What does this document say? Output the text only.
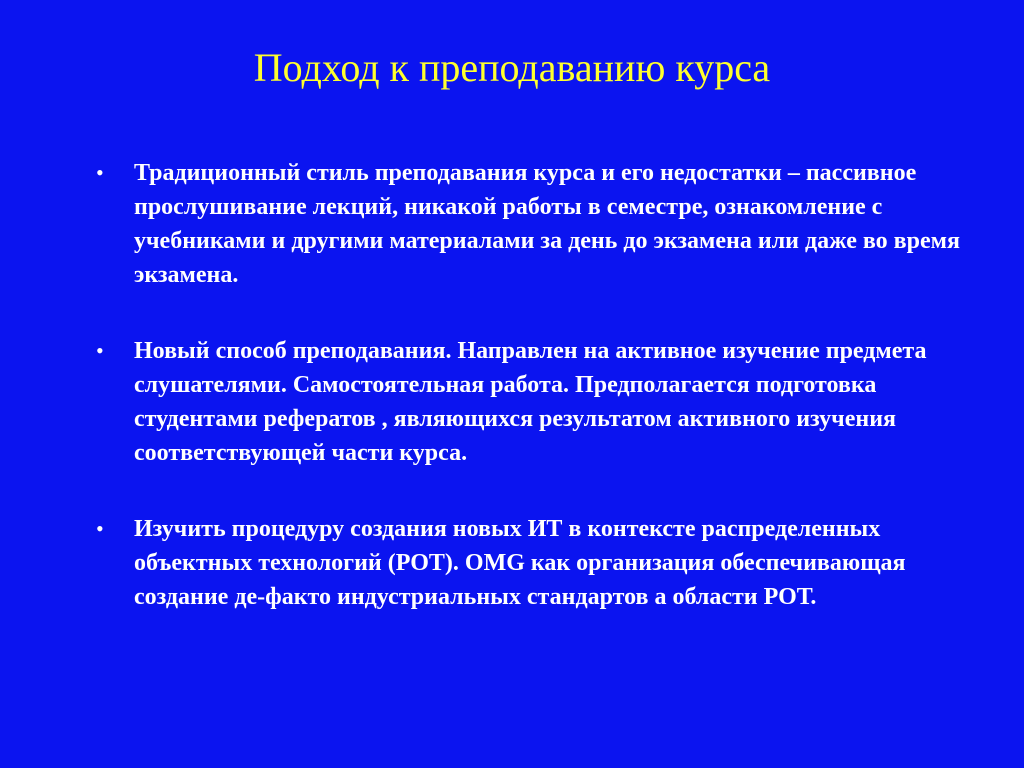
Подход к преподаванию курса
•	Традиционный стиль преподавания курса и его недостатки – пассивное прослушивание лекций, никакой работы в семестре, ознакомление с учебниками и другими материалами за день до экзамена или даже во время экзамена.
•	Новый способ преподавания. Направлен на активное изучение предмета слушателями. Самостоятельная работа. Предполагается подготовка студентами рефератов , являющихся результатом активного изучения соответствующей части курса.
•	Изучить процедуру создания новых ИТ в контексте распределенных объектных технологий (РОТ). OMG как организация обеспечивающая создание де-факто индустриальных стандартов а области РОТ.
